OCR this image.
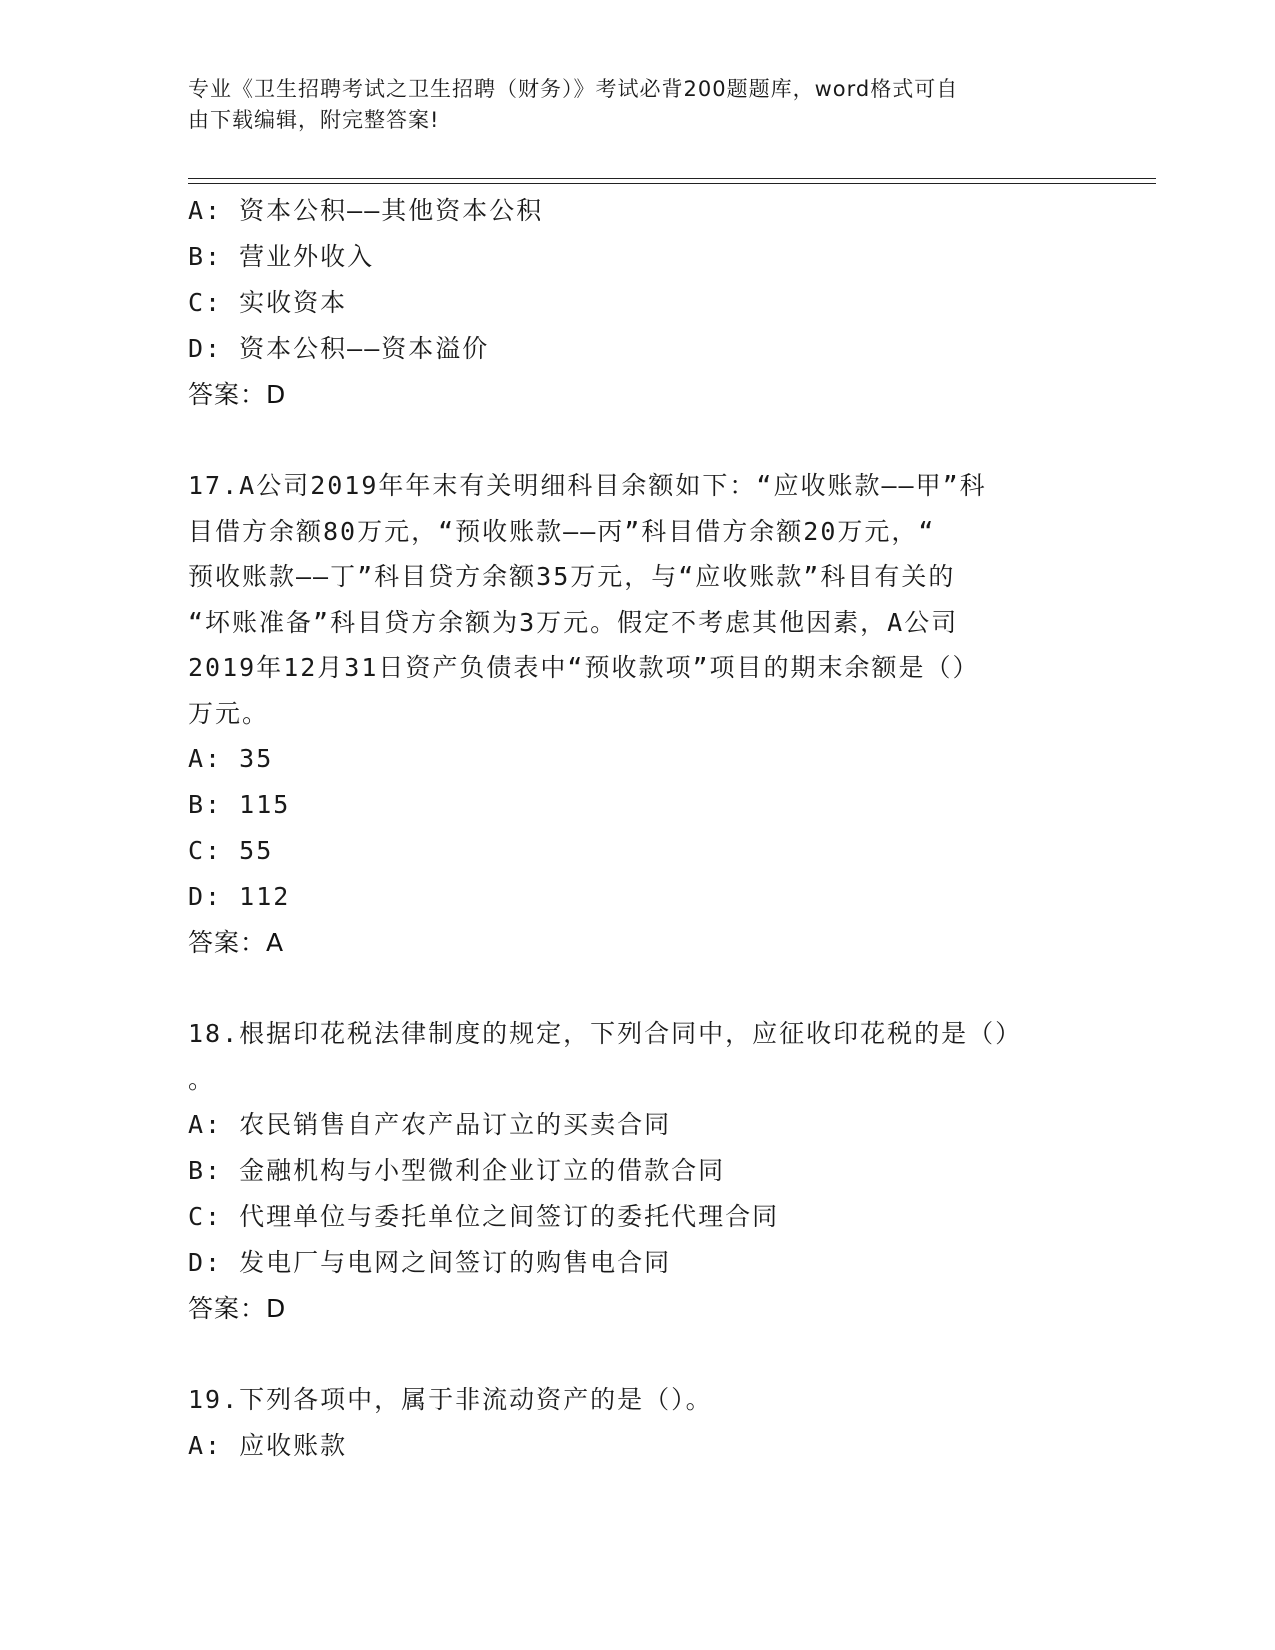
专业《卫生招聘考试之卫生招聘（财务）》考试必背200题题库，word格式可自
由下载编辑，附完整答案!
A: 资本公积——其他资本公积
B: 营业外收入
C: 实收资本
D: 资本公积——资本溢价
答案：D
17.A公司2019年年末有关明细科目余额如下：“应收账款——甲”科
目借方余额80万元，“预收账款——丙”科目借方余额20万元，“
预收账款——丁”科目贷方余额35万元，与“应收账款”科目有关的
“坏账准备”科目贷方余额为3万元。假定不考虑其他因素，A公司
2019年12月31日资产负债表中“预收款项”项目的期末余额是（）
万元。
A: 35
B: 115
C: 55
D: 112
答案：A
18.根据印花税法律制度的规定，下列合同中，应征收印花税的是（）
。
A: 农民销售自产农产品订立的买卖合同
B: 金融机构与小型微利企业订立的借款合同
C: 代理单位与委托单位之间签订的委托代理合同
D: 发电厂与电网之间签订的购售电合同
答案：D
19.下列各项中，属于非流动资产的是（）。
A: 应收账款
